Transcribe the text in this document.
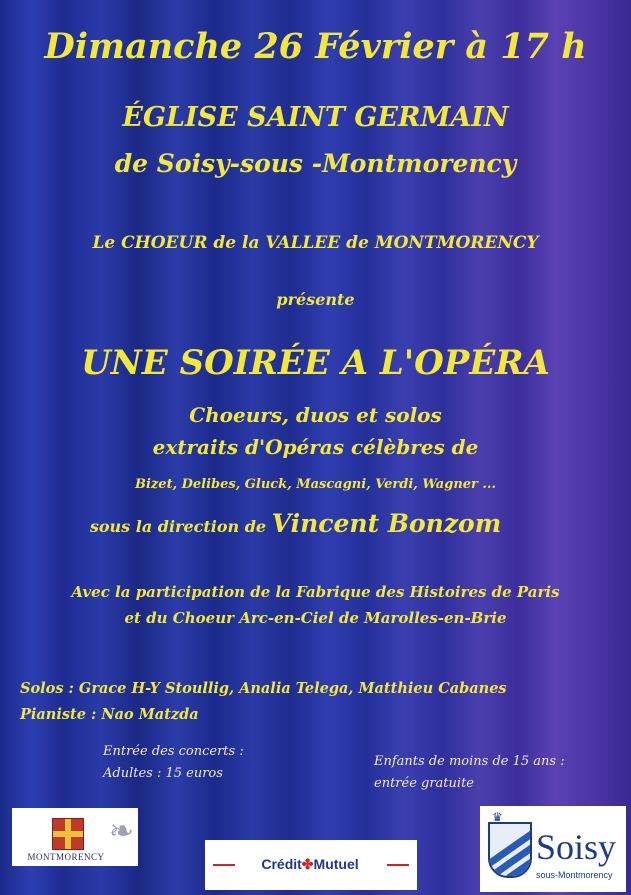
Dimanche 26 Février à 17 h

ÉGLISE SAINT GERMAIN

de Soisy-sous -Montmorency

Le CHOEUR de la VALLEE de MONTMORENCY

présente

UNE SOIRÉE A L'OPÉRA

Choeurs, duos et solos

extraits d'Opéras célèbres de

Bizet, Delibes, Gluck, Mascagni, Verdi, Wagner ...

sous la direction de Vincent Bonzom

Avec la participation de la Fabrique des Histoires de Paris

et du Choeur Arc-en-Ciel de Marolles-en-Brie

Solos : Grace H-Y Stoullig, Analia Telega, Matthieu Cabanes

Pianiste : Nao Matzda

Entrée des concerts :

Adultes : 15 euros

Enfants de moins de 15 ans :

entrée gratuite

❧
MONTMORENCY	Crédit✤Mutuel
♛
Soisy
sous-Montmorency
